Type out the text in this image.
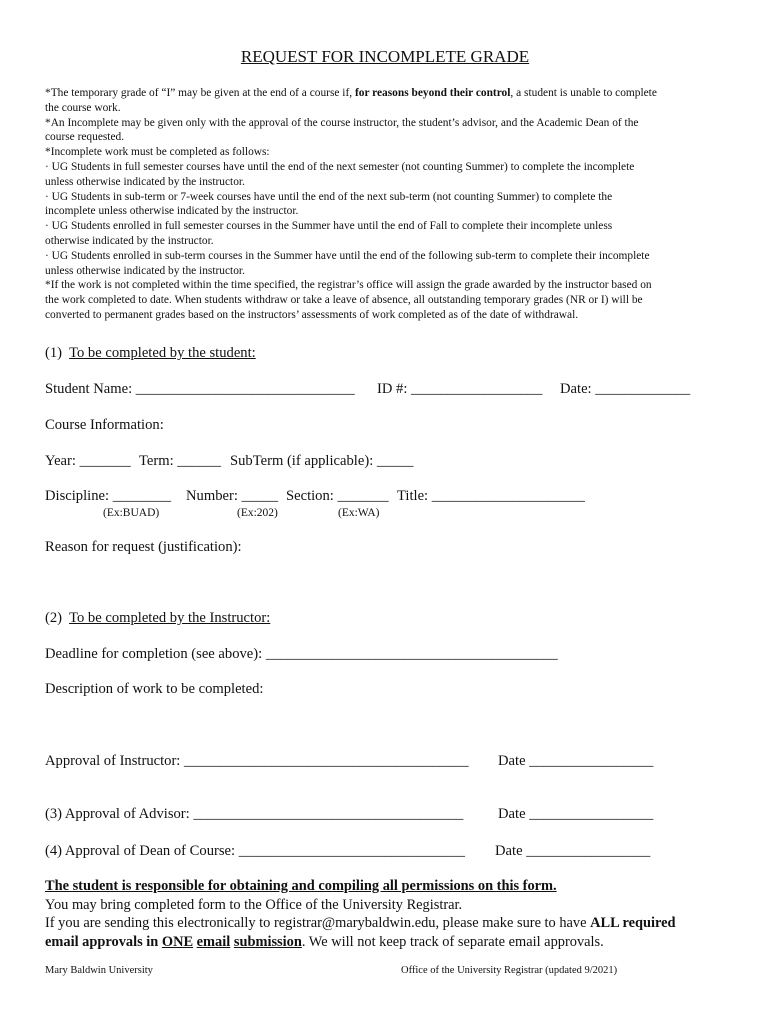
REQUEST FOR INCOMPLETE GRADE
*The temporary grade of “I” may be given at the end of a course if, for reasons beyond their control, a student is unable to complete
the course work.
*An Incomplete may be given only with the approval of the course instructor, the student’s advisor, and the Academic Dean of the
course requested.
*Incomplete work must be completed as follows:
· UG Students in full semester courses have until the end of the next semester (not counting Summer) to complete the incomplete
unless otherwise indicated by the instructor.
· UG Students in sub-term or 7-week courses have until the end of the next sub-term (not counting Summer) to complete the
incomplete unless otherwise indicated by the instructor.
· UG Students enrolled in full semester courses in the Summer have until the end of Fall to complete their incomplete unless
otherwise indicated by the instructor.
· UG Students enrolled in sub-term courses in the Summer have until the end of the following sub-term to complete their incomplete
unless otherwise indicated by the instructor.
*If the work is not completed within the time specified, the registrar’s office will assign the grade awarded by the instructor based on
the work completed to date. When students withdraw or take a leave of absence, all outstanding temporary grades (NR or I) will be
converted to permanent grades based on the instructors’ assessments of work completed as of the date of withdrawal.
(1) To be completed by the student:
Student Name: ______________________________ ID #: __________________ Date: _____________
Course Information:
Year: _______ Term: ______ SubTerm (if applicable): _____
Discipline: ________ Number: _____ Section: _______ Title: _____________________
(Ex:BUAD)	(Ex:202)	(Ex:WA)
Reason for request (justification):
(2) To be completed by the Instructor:
Deadline for completion (see above): ________________________________________
Description of work to be completed:
Approval of Instructor: _______________________________________ Date _________________
(3) Approval of Advisor: _____________________________________ Date _________________
(4) Approval of Dean of Course: _______________________________ Date _________________
The student is responsible for obtaining and compiling all permissions on this form.
You may bring completed form to the Office of the University Registrar.
If you are sending this electronically to registrar@marybaldwin.edu, please make sure to have ALL required
email approvals in ONE email submission. We will not keep track of separate email approvals.
Mary Baldwin University	Office of the University Registrar (updated 9/2021)
